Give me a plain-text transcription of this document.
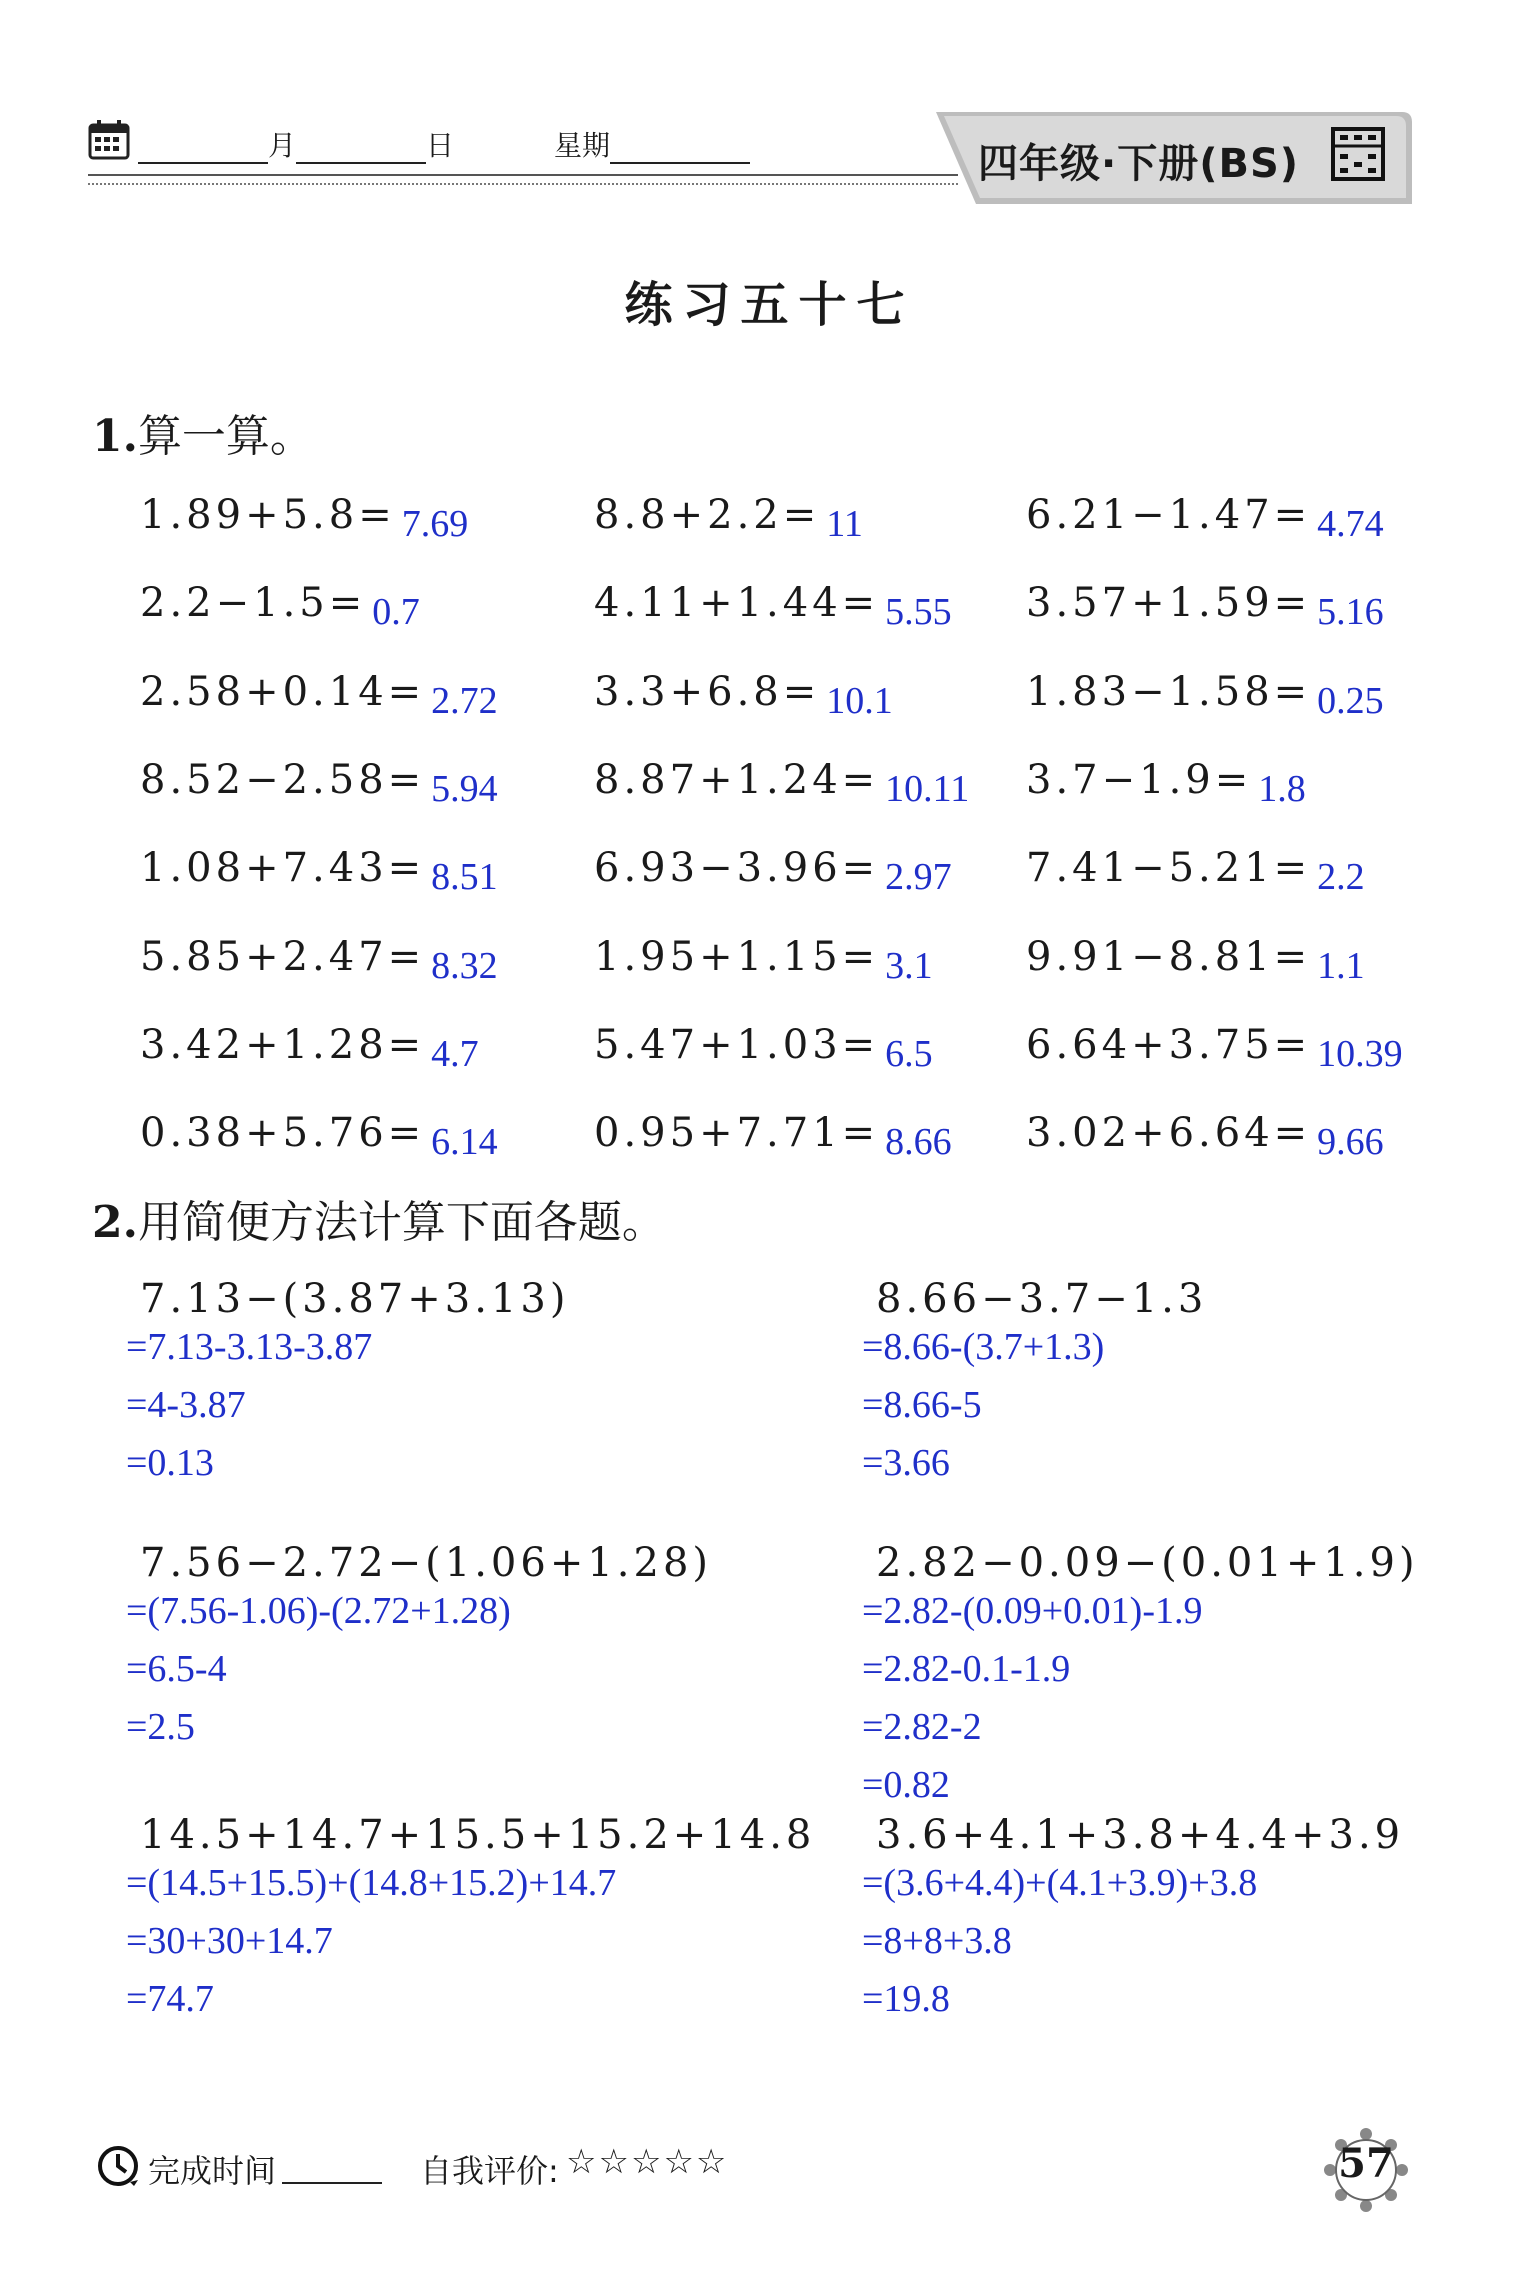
月	日	星期	四年级·下册(BS)
练习五十七
1.算一算。
1.89+5.8= 7.69	8.8+2.2= 11	6.21−1.47= 4.74
2.2−1.5= 0.7	4.11+1.44= 5.55 3.57+1.59= 5.16
2.58+0.14= 2.72 3.3+6.8= 10.1	1.83−1.58= 0.25
8.52−2.58= 5.94 8.87+1.24= 10.11 3.7−1.9= 1.8
1.08+7.43= 8.51 6.93−3.96= 2.97 7.41−5.21= 2.2
5.85+2.47= 8.32 1.95+1.15= 3.1 9.91−8.81= 1.1
3.42+1.28= 4.7	5.47+1.03= 6.5 6.64+3.75= 10.39
0.38+5.76= 6.14 0.95+7.71= 8.66 3.02+6.64= 9.66
2.用简便方法计算下面各题。
7.13−(3.87+3.13)
=7.13-3.13-3.87
=4-3.87
=0.13
8.66−3.7−1.3
=8.66-(3.7+1.3)
=8.66-5
=3.66
7.56−2.72−(1.06+1.28)
=(7.56-1.06)-(2.72+1.28)
=6.5-4
=2.5
2.82−0.09−(0.01+1.9)
=2.82-(0.09+0.01)-1.9
=2.82-0.1-1.9
=2.82-2
=0.82
14.5+14.7+15.5+15.2+14.8
=(14.5+15.5)+(14.8+15.2)+14.7
=30+30+14.7
=74.7
3.6+4.1+3.8+4.4+3.9
=(3.6+4.4)+(4.1+3.9)+3.8
=8+8+3.8
=19.8
完成时间	自我评价: ☆☆☆☆☆	57
